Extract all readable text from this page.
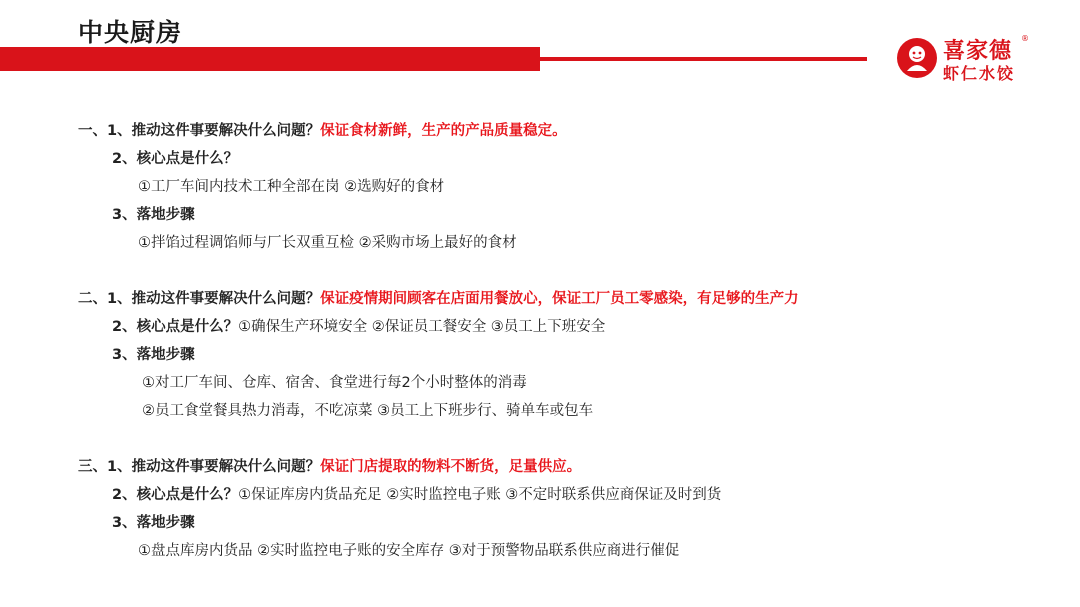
中央厨房
喜家德
®
虾仁水饺
一、1、推动这件事要解决什么问题？保证食材新鲜，生产的产品质量稳定。
2、核心点是什么？
①工厂车间内技术工种全部在岗 ②选购好的食材
3、落地步骤
①拌馅过程调馅师与厂长双重互检 ②采购市场上最好的食材
二、1、推动这件事要解决什么问题？保证疫情期间顾客在店面用餐放心，保证工厂员工零感染，有足够的生产力
2、核心点是什么？①确保生产环境安全 ②保证员工餐安全 ③员工上下班安全
3、落地步骤
①对工厂车间、仓库、宿舍、食堂进行每2个小时整体的消毒
②员工食堂餐具热力消毒，不吃凉菜 ③员工上下班步行、骑单车或包车
三、1、推动这件事要解决什么问题？保证门店提取的物料不断货，足量供应。
2、核心点是什么？①保证库房内货品充足 ②实时监控电子账 ③不定时联系供应商保证及时到货
3、落地步骤
①盘点库房内货品 ②实时监控电子账的安全库存 ③对于预警物品联系供应商进行催促
